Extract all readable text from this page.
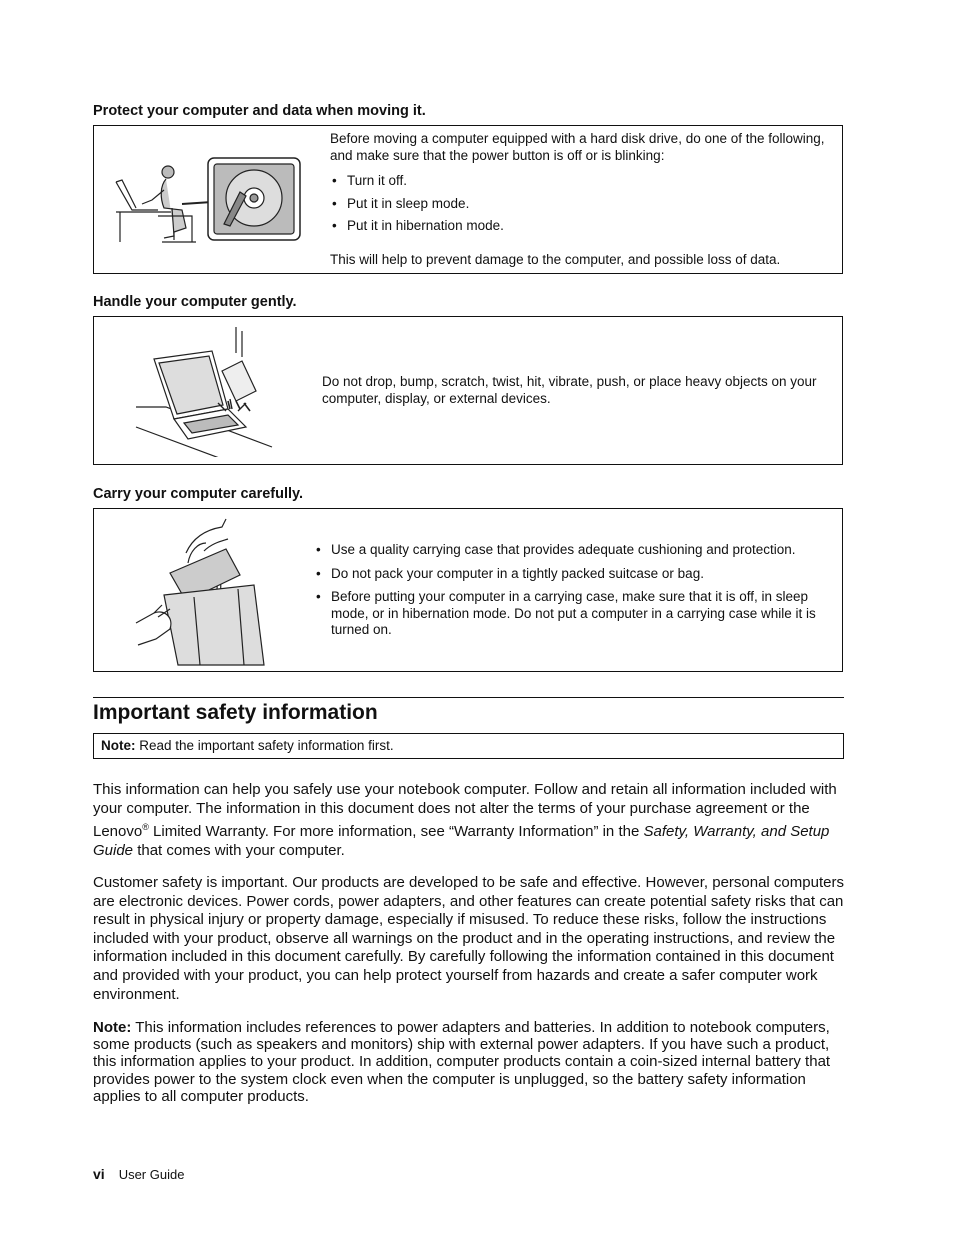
Protect your computer and data when moving it.

Before moving a computer equipped with a hard disk drive, do one of the following, and make sure that the power button is off or is blinking:

• Turn it off.
• Put it in sleep mode.
• Put it in hibernation mode.

This will help to prevent damage to the computer, and possible loss of data.

Handle your computer gently.
Do not drop, bump, scratch, twist, hit, vibrate, push, or place heavy objects on your computer, display, or external devices.
Carry your computer carefully.
• Use a quality carrying case that provides adequate cushioning and protection.
• Do not pack your computer in a tightly packed suitcase or bag.
• Before putting your computer in a carrying case, make sure that it is off, in sleep mode, or in hibernation mode. Do not put a computer in a carrying case while it is turned on.
Important safety information
Note: Read the important safety information first.

This information can help you safely use your notebook computer. Follow and retain all information included with your computer. The information in this document does not alter the terms of your purchase agreement or the Lenovo® Limited Warranty. For more information, see “Warranty Information” in the Safety, Warranty, and Setup Guide that comes with your computer.

Customer safety is important. Our products are developed to be safe and effective. However, personal computers are electronic devices. Power cords, power adapters, and other features can create potential safety risks that can result in physical injury or property damage, especially if misused. To reduce these risks, follow the instructions included with your product, observe all warnings on the product and in the operating instructions, and review the information included in this document carefully. By carefully following the information contained in this document and provided with your product, you can help protect yourself from hazards and create a safer computer work environment.

Note: This information includes references to power adapters and batteries. In addition to notebook computers, some products (such as speakers and monitors) ship with external power adapters. If you have such a product, this information applies to your product. In addition, computer products contain a coin-sized internal battery that provides power to the system clock even when the computer is unplugged, so the battery safety information applies to all computer products.

vi User Guide
